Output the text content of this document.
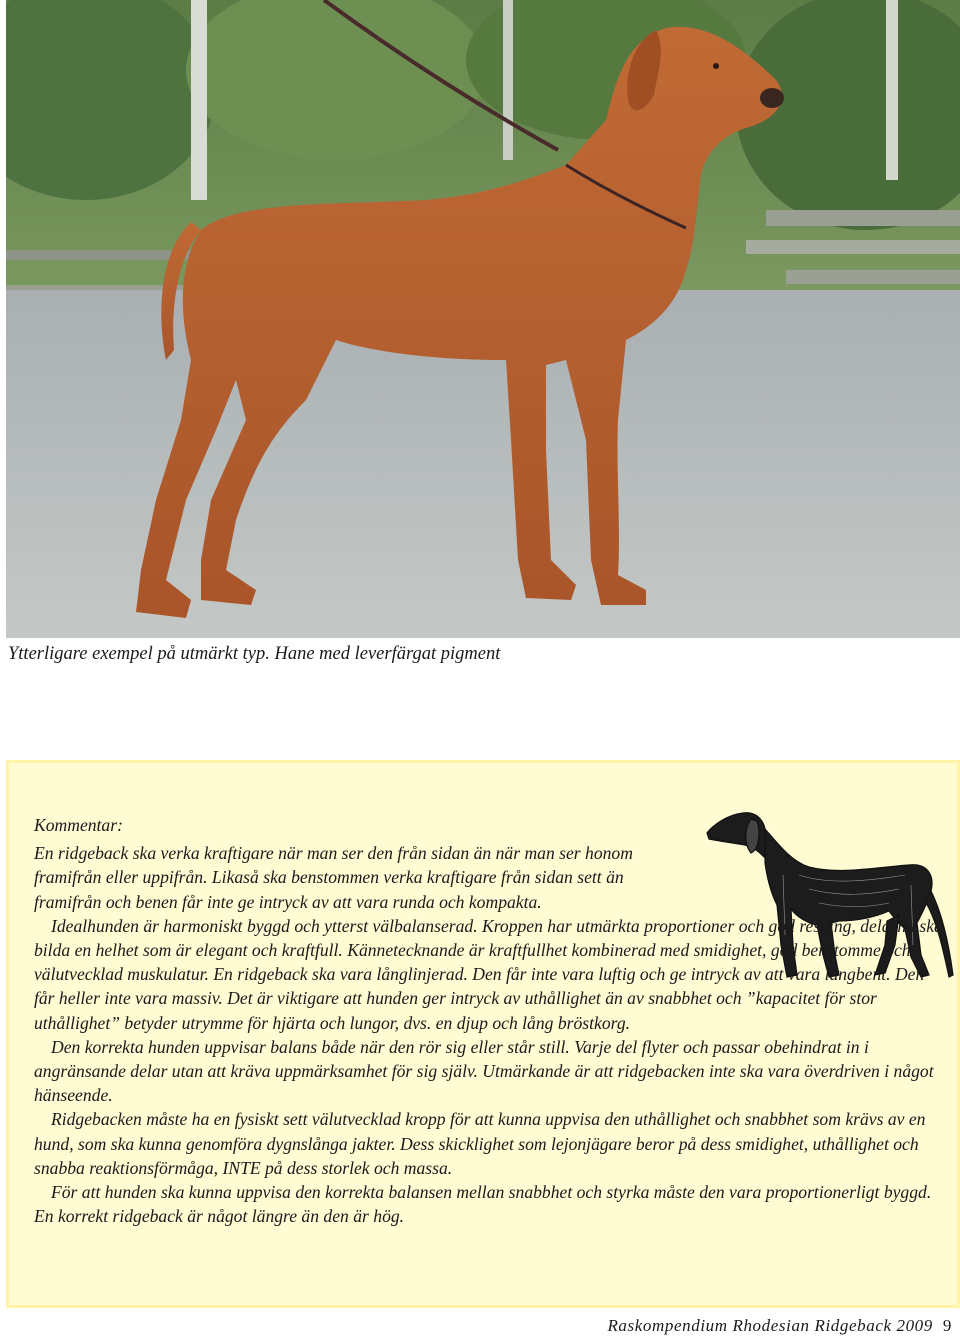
Ytterligare exempel på utmärkt typ. Hane med leverfärgat pigment

Kommentar:

En ridgeback ska verka kraftigare när man ser den från sidan än när man ser honom framifrån eller uppifrån. Likaså ska benstommen verka kraftigare från sidan sett än framifrån och benen får inte ge intryck av att vara runda och kompakta.

Idealhunden är harmoniskt byggd och ytterst välbalanserad. Kroppen har utmärkta proportioner och god resning, delarna ska bilda en helhet som är elegant och kraftfull. Kännetecknande är kraftfullhet kombinerad med smidighet, god benstomme och välutvecklad muskulatur. En ridgeback ska vara långlinjerad. Den får inte vara luftig och ge intryck av att vara långbent. Den får heller inte vara massiv. Det är viktigare att hunden ger intryck av uthållighet än av snabbhet och ”kapacitet för stor uthållighet” betyder utrymme för hjärta och lungor, dvs. en djup och lång bröstkorg.

Den korrekta hunden uppvisar balans både när den rör sig eller står still. Varje del flyter och passar obehindrat in i angränsande delar utan att kräva uppmärksamhet för sig själv. Utmärkande är att ridgebacken inte ska vara överdriven i något hänseende.

Ridgebacken måste ha en fysiskt sett välutvecklad kropp för att kunna uppvisa den uthållighet och snabbhet som krävs av en hund, som ska kunna genomföra dygnslånga jakter. Dess skicklighet som lejonjägare beror på dess smidighet, uthållighet och snabba reaktionsförmåga, INTE på dess storlek och massa.

För att hunden ska kunna uppvisa den korrekta balansen mellan snabbhet och styrka måste den vara proportionerligt byggd. En korrekt ridgeback är något längre än den är hög.

Raskompendium Rhodesian Ridgeback 2009 9
